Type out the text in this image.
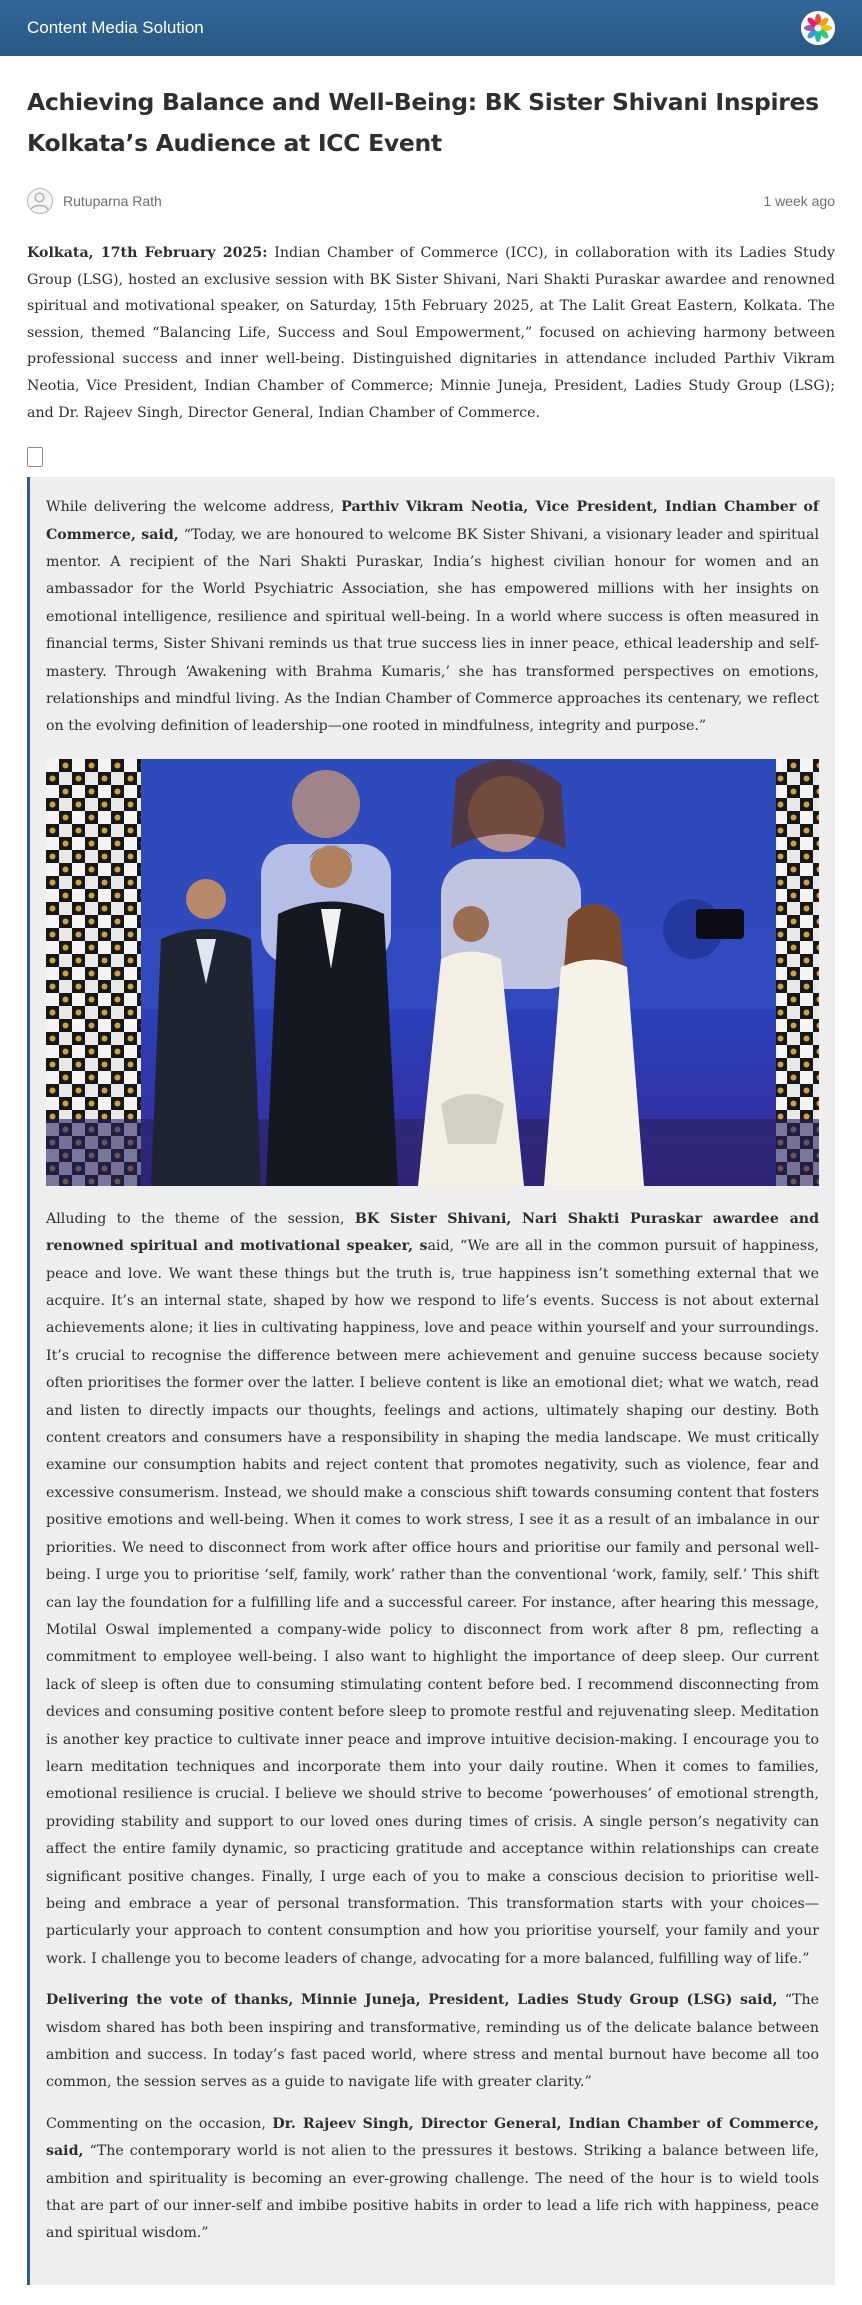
Content Media Solution
Achieving Balance and Well-Being: BK Sister Shivani Inspires Kolkata’s Audience at ICC Event
Rutuparna Rath	1 week ago

Kolkata, 17th February 2025: Indian Chamber of Commerce (ICC), in collaboration with its Ladies Study Group (LSG), hosted an exclusive session with BK Sister Shivani, Nari Shakti Puraskar awardee and renowned spiritual and motivational speaker, on Saturday, 15th February 2025, at The Lalit Great Eastern, Kolkata. The session, themed “Balancing Life, Success and Soul Empowerment,” focused on achieving harmony between professional success and inner well-being. Distinguished dignitaries in attendance included Parthiv Vikram Neotia, Vice President, Indian Chamber of Commerce; Minnie Juneja, President, Ladies Study Group (LSG); and Dr. Rajeev Singh, Director General, Indian Chamber of Commerce.

While delivering the welcome address, Parthiv Vikram Neotia, Vice President, Indian Chamber of Commerce, said, “Today, we are honoured to welcome BK Sister Shivani, a visionary leader and spiritual mentor. A recipient of the Nari Shakti Puraskar, India’s highest civilian honour for women and an ambassador for the World Psychiatric Association, she has empowered millions with her insights on emotional intelligence, resilience and spiritual well-being. In a world where success is often measured in financial terms, Sister Shivani reminds us that true success lies in inner peace, ethical leadership and self-mastery. Through ‘Awakening with Brahma Kumaris,’ she has transformed perspectives on emotions, relationships and mindful living. As the Indian Chamber of Commerce approaches its centenary, we reflect on the evolving definition of leadership—one rooted in mindfulness, integrity and purpose.”

Alluding to the theme of the session, BK Sister Shivani, Nari Shakti Puraskar awardee and renowned spiritual and motivational speaker, said, “We are all in the common pursuit of happiness, peace and love. We want these things but the truth is, true happiness isn’t something external that we acquire. It’s an internal state, shaped by how we respond to life’s events. Success is not about external achievements alone; it lies in cultivating happiness, love and peace within yourself and your surroundings. It’s crucial to recognise the difference between mere achievement and genuine success because society often prioritises the former over the latter. I believe content is like an emotional diet; what we watch, read and listen to directly impacts our thoughts, feelings and actions, ultimately shaping our destiny. Both content creators and consumers have a responsibility in shaping the media landscape. We must critically examine our consumption habits and reject content that promotes negativity, such as violence, fear and excessive consumerism. Instead, we should make a conscious shift towards consuming content that fosters positive emotions and well-being. When it comes to work stress, I see it as a result of an imbalance in our priorities. We need to disconnect from work after office hours and prioritise our family and personal well-being. I urge you to prioritise ‘self, family, work’ rather than the conventional ‘work, family, self.’ This shift can lay the foundation for a fulfilling life and a successful career. For instance, after hearing this message, Motilal Oswal implemented a company-wide policy to disconnect from work after 8 pm, reflecting a commitment to employee well-being. I also want to highlight the importance of deep sleep. Our current lack of sleep is often due to consuming stimulating content before bed. I recommend disconnecting from devices and consuming positive content before sleep to promote restful and rejuvenating sleep. Meditation is another key practice to cultivate inner peace and improve intuitive decision-making. I encourage you to learn meditation techniques and incorporate them into your daily routine. When it comes to families, emotional resilience is crucial. I believe we should strive to become ‘powerhouses’ of emotional strength, providing stability and support to our loved ones during times of crisis. A single person’s negativity can affect the entire family dynamic, so practicing gratitude and acceptance within relationships can create significant positive changes. Finally, I urge each of you to make a conscious decision to prioritise well-being and embrace a year of personal transformation. This transformation starts with your choices—particularly your approach to content consumption and how you prioritise yourself, your family and your work. I challenge you to become leaders of change, advocating for a more balanced, fulfilling way of life.”

Delivering the vote of thanks, Minnie Juneja, President, Ladies Study Group (LSG) said, “The wisdom shared has both been inspiring and transformative, reminding us of the delicate balance between ambition and success. In today’s fast paced world, where stress and mental burnout have become all too common, the session serves as a guide to navigate life with greater clarity.”

Commenting on the occasion, Dr. Rajeev Singh, Director General, Indian Chamber of Commerce, said, “The contemporary world is not alien to the pressures it bestows. Striking a balance between life, ambition and spirituality is becoming an ever-growing challenge. The need of the hour is to wield tools that are part of our inner-self and imbibe positive habits in order to lead a life rich with happiness, peace and spiritual wisdom.”
